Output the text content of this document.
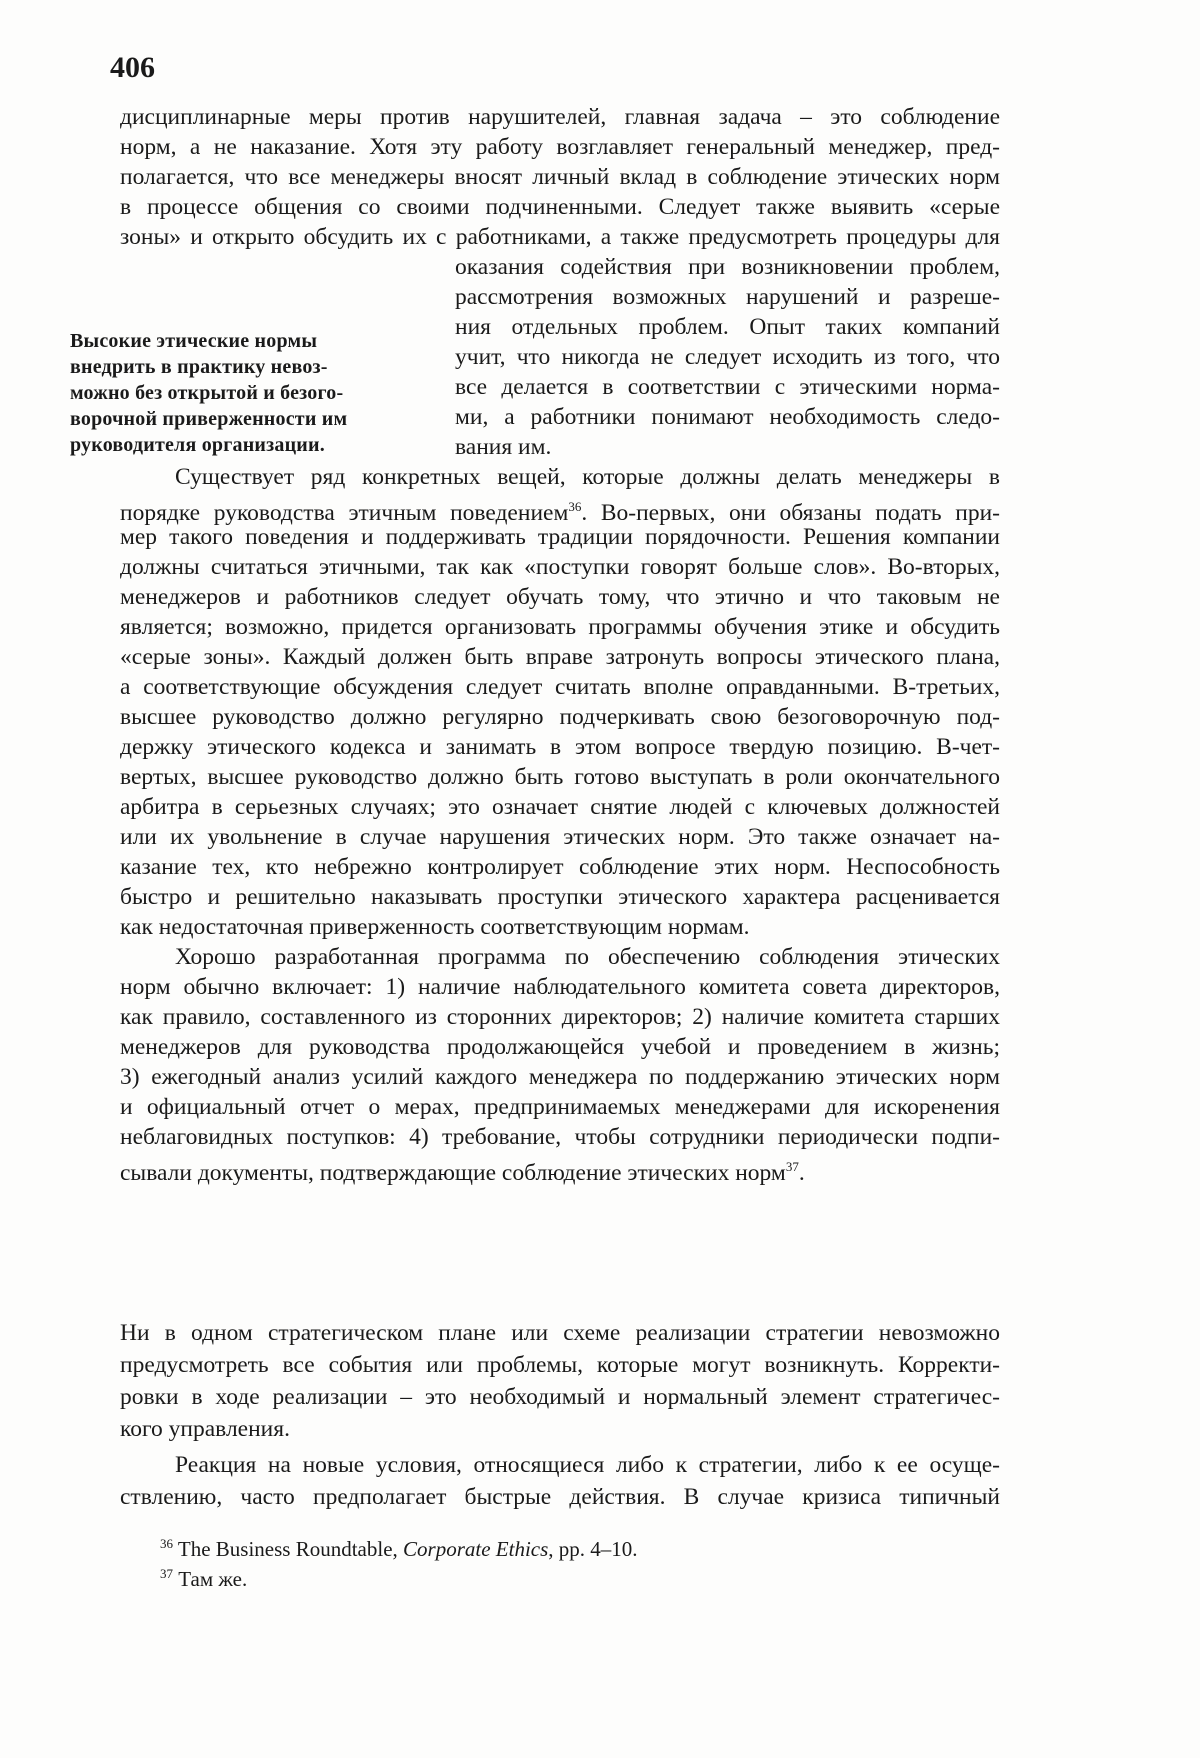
406
дисциплинарные меры против нарушителей, главная задача – это соблюдение
норм, а не наказание. Хотя эту работу возглавляет генеральный менеджер, пред-
полагается, что все менеджеры вносят личный вклад в соблюдение этических норм
в процессе общения со своими подчиненными. Следует также выявить «серые
зоны» и открыто обсудить их с работниками, а также предусмотреть процедуры для
оказания содействия при возникновении проблем,
рассмотрения возможных нарушений и разреше-
ния отдельных проблем. Опыт таких компаний
учит, что никогда не следует исходить из того, что
все делается в соответствии с этическими норма-
ми, а работники понимают необходимость следо-
вания им.
Высокие этические нормы
внедрить в практику невоз-
можно без открытой и безого-
ворочной приверженности им
руководителя организации.
Существует ряд конкретных вещей, которые должны делать менеджеры в
порядке руководства этичным поведением$^{36}$. Во-первых, они обязаны подать при-
мер такого поведения и поддерживать традиции порядочности. Решения компании
должны считаться этичными, так как «поступки говорят больше слов». Во-вторых,
менеджеров и работников следует обучать тому, что этично и что таковым не
является; возможно, придется организовать программы обучения этике и обсудить
«серые зоны». Каждый должен быть вправе затронуть вопросы этического плана,
а соответствующие обсуждения следует считать вполне оправданными. В-третьих,
высшее руководство должно регулярно подчеркивать свою безоговорочную под-
держку этического кодекса и занимать в этом вопросе твердую позицию. В-чет-
вертых, высшее руководство должно быть готово выступать в роли окончательного
арбитра в серьезных случаях; это означает снятие людей с ключевых должностей
или их увольнение в случае нарушения этических норм. Это также означает на-
казание тех, кто небрежно контролирует соблюдение этих норм. Неспособность
быстро и решительно наказывать проступки этического характера расценивается
как недостаточная приверженность соответствующим нормам.
Хорошо разработанная программа по обеспечению соблюдения этических
норм обычно включает: 1) наличие наблюдательного комитета совета директоров,
как правило, составленного из сторонних директоров; 2) наличие комитета старших
менеджеров для руководства продолжающейся учебой и проведением в жизнь;
3) ежегодный анализ усилий каждого менеджера по поддержанию этических норм
и официальный отчет о мерах, предпринимаемых менеджерами для искоренения
неблаговидных поступков: 4) требование, чтобы сотрудники периодически подпи-
сывали документы, подтверждающие соблюдение этических норм$^{37}$.
Ни в одном стратегическом плане или схеме реализации стратегии невозможно
предусмотреть все события или проблемы, которые могут возникнуть. Корректи-
ровки в ходе реализации – это необходимый и нормальный элемент стратегичес-
кого управления.
Реакция на новые условия, относящиеся либо к стратегии, либо к ее осуще-
ствлению, часто предполагает быстрые действия. В случае кризиса типичный
$^{36}$ The Business Roundtable, Corporate Ethics, pp. 4–10.
$^{37}$ Там же.
